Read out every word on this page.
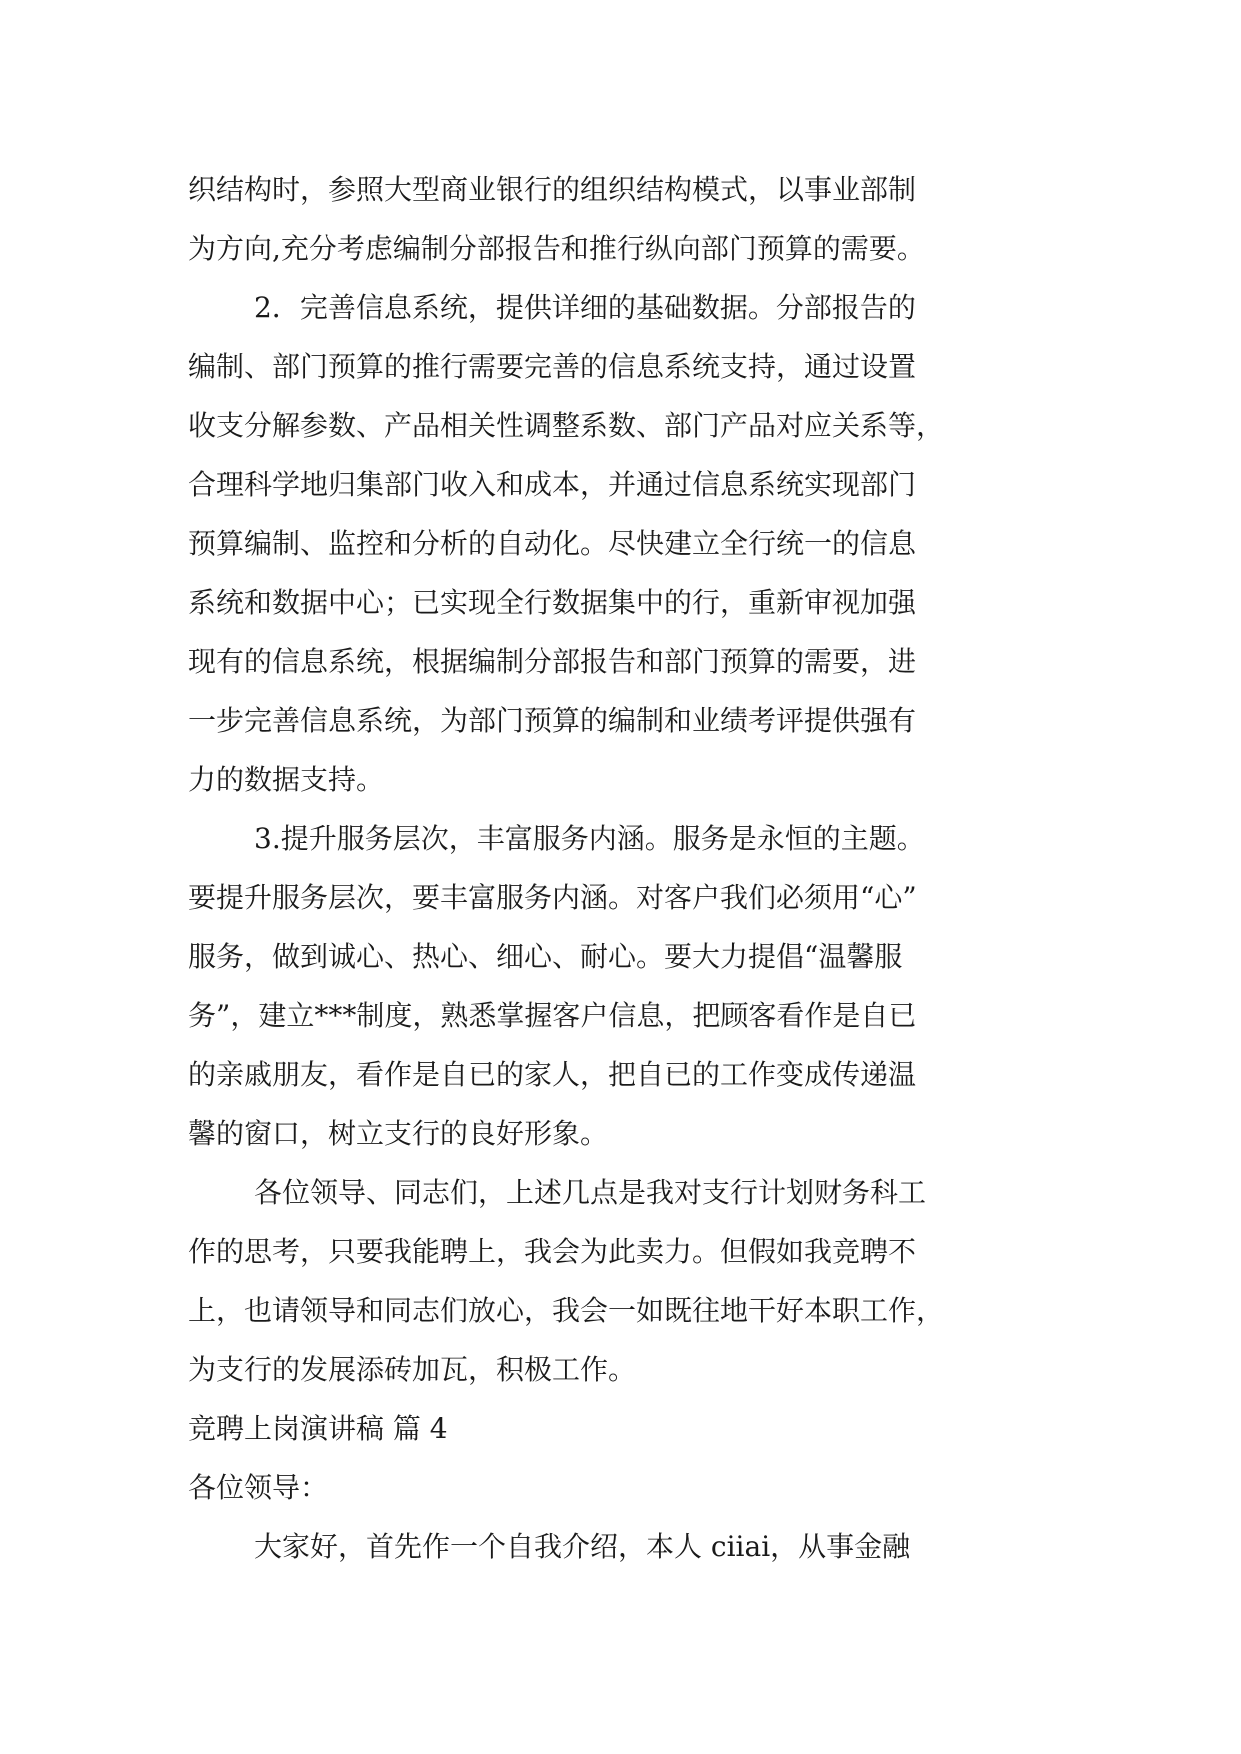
织结构时，参照大型商业银行的组织结构模式，以事业部制
为方向,充分考虑编制分部报告和推行纵向部门预算的需要。
2．完善信息系统，提供详细的基础数据。分部报告的
编制、部门预算的推行需要完善的信息系统支持，通过设置
收支分解参数、产品相关性调整系数、部门产品对应关系等，
合理科学地归集部门收入和成本，并通过信息系统实现部门
预算编制、监控和分析的自动化。尽快建立全行统一的信息
系统和数据中心；已实现全行数据集中的行，重新审视加强
现有的信息系统，根据编制分部报告和部门预算的需要，进
一步完善信息系统，为部门预算的编制和业绩考评提供强有
力的数据支持。
3.提升服务层次，丰富服务内涵。服务是永恒的主题。
要提升服务层次，要丰富服务内涵。对客户我们必须用“心”
服务，做到诚心、热心、细心、耐心。要大力提倡“温馨服
务”，建立***制度，熟悉掌握客户信息，把顾客看作是自已
的亲戚朋友，看作是自已的家人，把自已的工作变成传递温
馨的窗口，树立支行的良好形象。
各位领导、同志们，上述几点是我对支行计划财务科工
作的思考，只要我能聘上，我会为此卖力。但假如我竞聘不
上，也请领导和同志们放心，我会一如既往地干好本职工作，
为支行的发展添砖加瓦，积极工作。
竞聘上岗演讲稿 篇 4
各位领导：
大家好，首先作一个自我介绍，本人 ciiai，从事金融
